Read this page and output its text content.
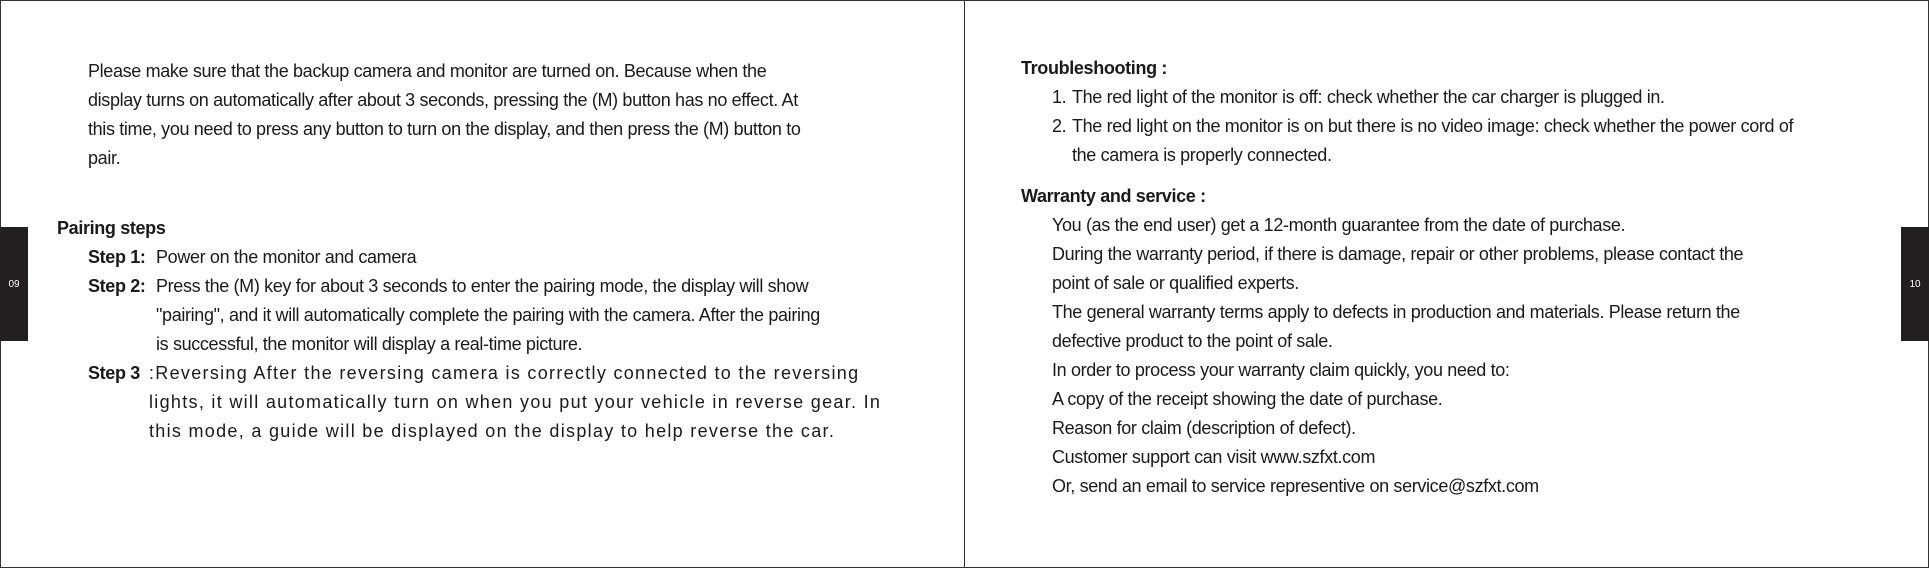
09	10

Please make sure that the backup camera and monitor are turned on. Because when the

display turns on automatically after about 3 seconds, pressing the (M) button has no effect. At

this time, you need to press any button to turn on the display, and then press the (M) button to

pair.

Pairing steps
Step 1: Power on the monitor and camera
Step 2: Press the (M) key for about 3 seconds to enter the pairing mode, the display will show
"pairing", and it will automatically complete the pairing with the camera. After the pairing
is successful, the monitor will display a real-time picture.
Step 3 :Reversing After the reversing camera is correctly connected to the reversing
lights, it will automatically turn on when you put your vehicle in reverse gear. In
this mode, a guide will be displayed on the display to help reverse the car.
Troubleshooting :
1. The red light of the monitor is off: check whether the car charger is plugged in.
2. The red light on the monitor is on but there is no video image: check whether the power cord of
the camera is properly connected.
Warranty and service :
You (as the end user) get a 12-month guarantee from the date of purchase.
During the warranty period, if there is damage, repair or other problems, please contact the
point of sale or qualified experts.
The general warranty terms apply to defects in production and materials. Please return the
defective product to the point of sale.
In order to process your warranty claim quickly, you need to:
A copy of the receipt showing the date of purchase.
Reason for claim (description of defect).
Customer support can visit www.szfxt.com
Or, send an email to service representive on service@szfxt.com
